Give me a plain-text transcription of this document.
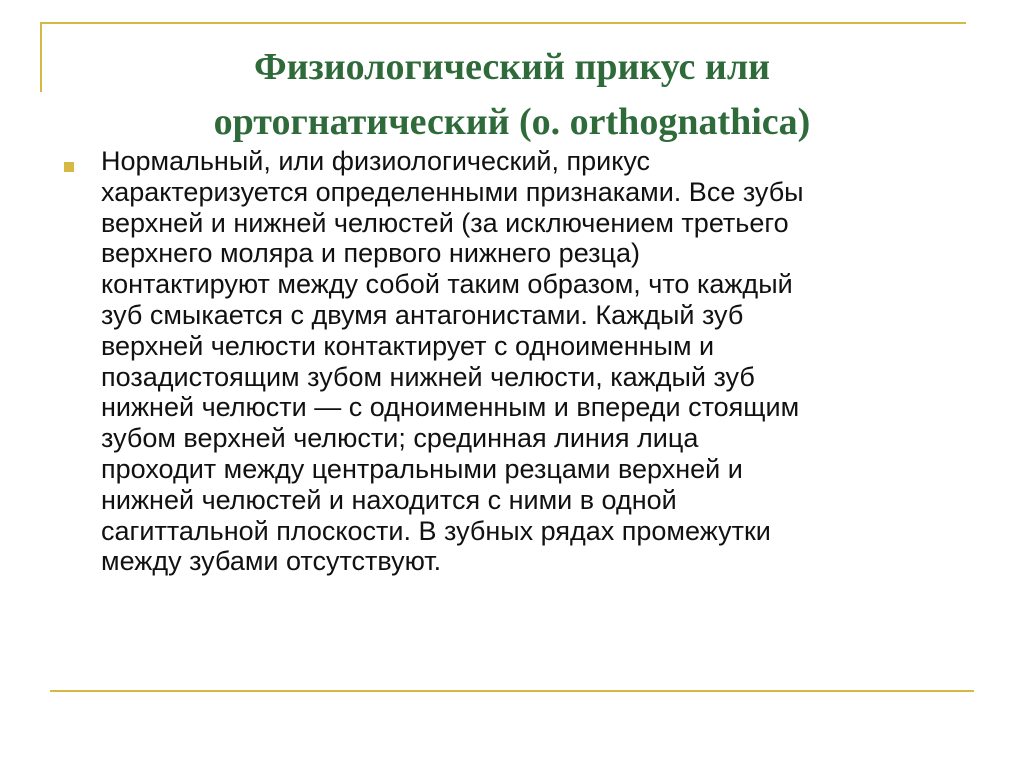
Физиологический прикус или
ортогнатический (o. orthognathica)

Нормальный, или физиологический, прикус
характеризуется определенными признаками. Все зубы
верхней и нижней челюстей (за исключением третьего
верхнего моляра и первого нижнего резца)
контактируют между собой таким образом, что каждый
зуб смыкается с двумя антагонистами. Каждый зуб
верхней челюсти контактирует с одноименным и
позадистоящим зубом нижней челюсти, каждый зуб
нижней челюсти — с одноименным и впереди стоящим
зубом верхней челюсти; срединная линия лица
проходит между центральными резцами верхней и
нижней челюстей и находится с ними в одной
сагиттальной плоскости. В зубных рядах промежутки
между зубами отсутствуют.
